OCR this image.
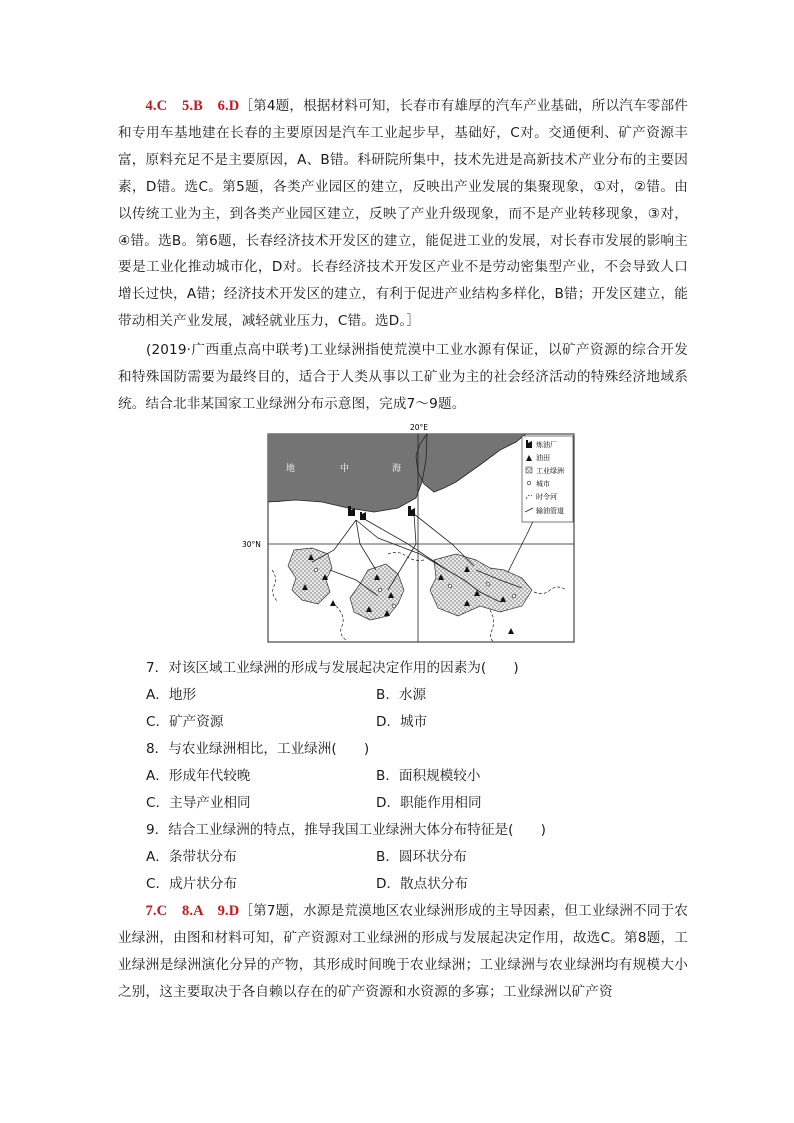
　　4.C　5.B　6.D［第4题，根据材料可知，长春市有雄厚的汽车产业基础，所以汽车零部件和专用车基地建在长春的主要原因是汽车工业起步早，基础好，C对。交通便利、矿产资源丰富，原料充足不是主要原因，A、B错。科研院所集中，技术先进是高新技术产业分布的主要因素，D错。选C。第5题，各类产业园区的建立，反映出产业发展的集聚现象，①对，②错。由以传统工业为主，到各类产业园区建立，反映了产业升级现象，而不是产业转移现象，③对，④错。选B。第6题，长春经济技术开发区的建立，能促进工业的发展，对长春市发展的影响主要是工业化推动城市化，D对。长春经济技术开发区产业不是劳动密集型产业，不会导致人口增长过快，A错；经济技术开发区的建立，有利于促进产业结构多样化，B错；开发区建立，能带动相关产业发展，减轻就业压力，C错。选D。］

(2019·广西重点高中联考)工业绿洲指使荒漠中工业水源有保证，以矿产资源的综合开发和特殊国防需要为最终目的，适合于人类从事以工矿业为主的社会经济活动的特殊经济地域系统。结合北非某国家工业绿洲分布示意图，完成7～9题。

地	中	海
20°E
30°N
炼油厂
油田
工业绿洲
城市
时令河
输油管道

7．对该区域工业绿洲的形成与发展起决定作用的因素为(　　)

A．地形	B．水源

C．矿产资源	D．城市

8．与农业绿洲相比，工业绿洲(　　)

A．形成年代较晚	B．面积规模较小

C．主导产业相同	D．职能作用相同

9．结合工业绿洲的特点，推导我国工业绿洲大体分布特征是(　　)

A．条带状分布	B．圆环状分布

C．成片状分布	D．散点状分布

　　7.C　8.A　9.D［第7题，水源是荒漠地区农业绿洲形成的主导因素，但工业绿洲不同于农业绿洲，由图和材料可知，矿产资源对工业绿洲的形成与发展起决定作用，故选C。第8题，工业绿洲是绿洲演化分异的产物，其形成时间晚于农业绿洲；工业绿洲与农业绿洲均有规模大小之别，这主要取决于各自赖以存在的矿产资源和水资源的多寡；工业绿洲以矿产资
